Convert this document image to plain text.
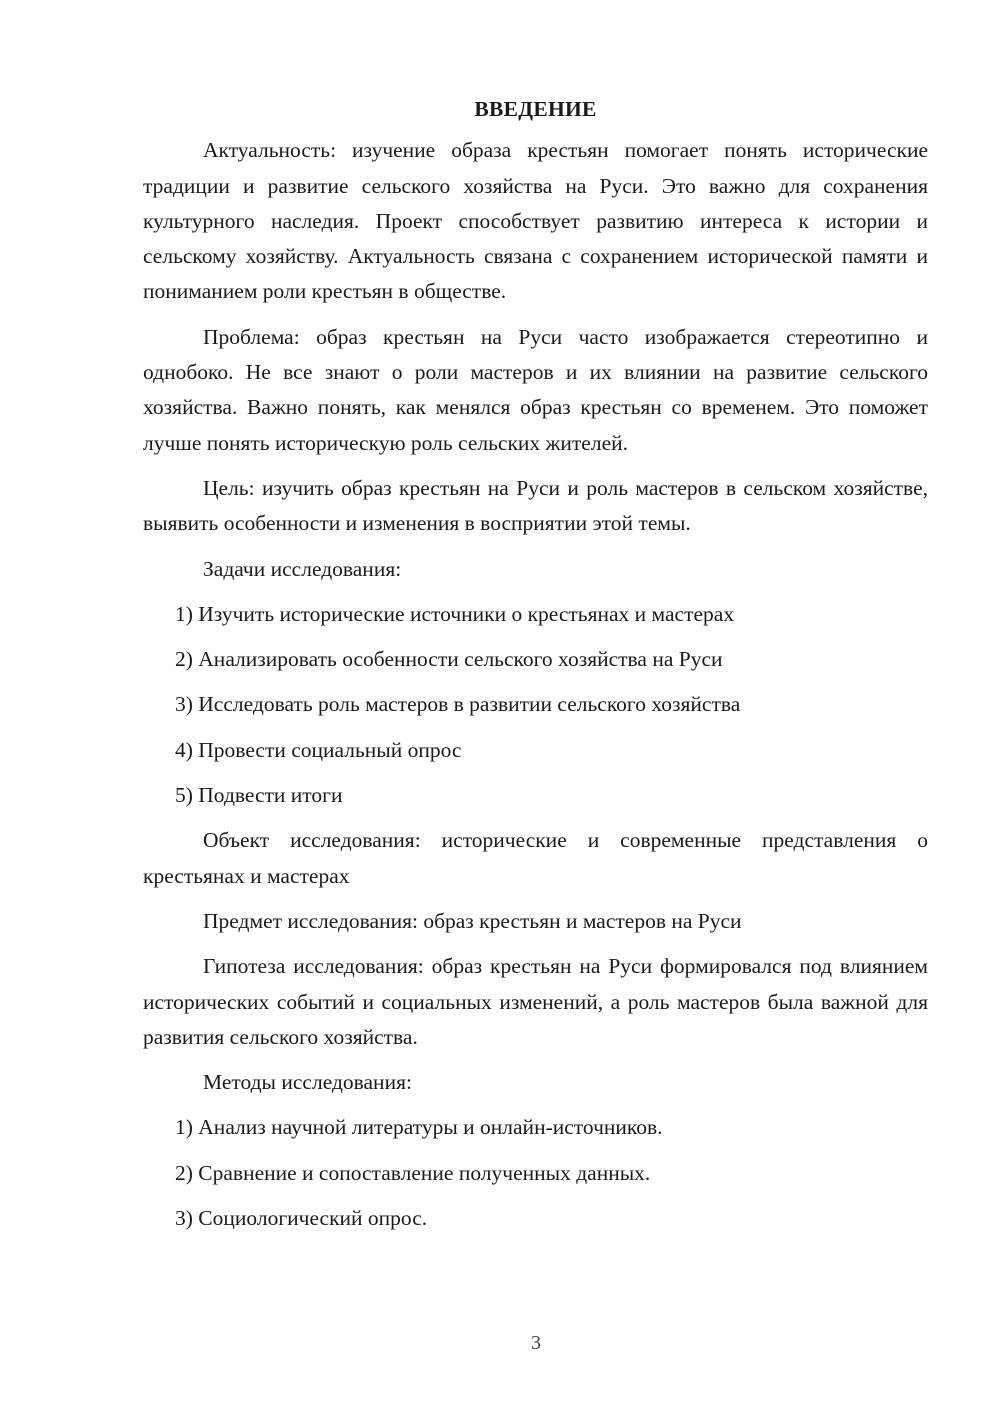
ВВЕДЕНИЕ

Актуальность: изучение образа крестьян помогает понять исторические традиции и развитие сельского хозяйства на Руси. Это важно для сохранения культурного наследия. Проект способствует развитию интереса к истории и сельскому хозяйству. Актуальность связана с сохранением исторической памяти и пониманием роли крестьян в обществе.

Проблема: образ крестьян на Руси часто изображается стереотипно и однобоко. Не все знают о роли мастеров и их влиянии на развитие сельского хозяйства. Важно понять, как менялся образ крестьян со временем. Это поможет лучше понять историческую роль сельских жителей.

Цель: изучить образ крестьян на Руси и роль мастеров в сельском хозяйстве, выявить особенности и изменения в восприятии этой темы.

Задачи исследования:

1) Изучить исторические источники о крестьянах и мастерах
2) Анализировать особенности сельского хозяйства на Руси
3) Исследовать роль мастеров в развитии сельского хозяйства
4) Провести социальный опрос
5) Подвести итоги

Объект исследования: исторические и современные представления о крестьянах и мастерах

Предмет исследования: образ крестьян и мастеров на Руси

Гипотеза исследования: образ крестьян на Руси формировался под влиянием исторических событий и социальных изменений, а роль мастеров была важной для развития сельского хозяйства.

Методы исследования:

1) Анализ научной литературы и онлайн-источников.
2) Сравнение и сопоставление полученных данных.
3) Социологический опрос.
3
